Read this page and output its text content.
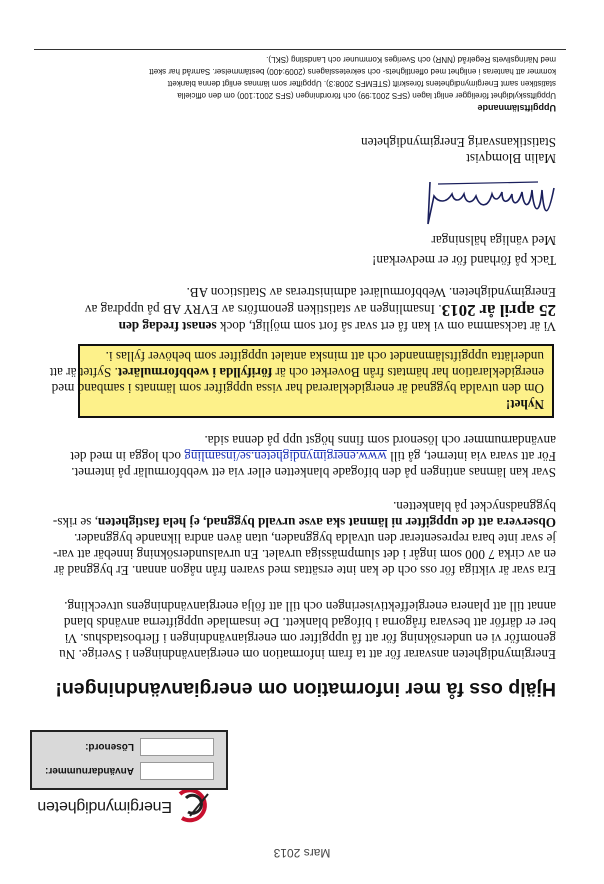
Mars 2013
Energimyndigheten
Användarnummer:
Lösenord:
Hjälp oss få mer information om energianvändningen!
Energimyndigheten ansvarar för att ta fram information om energianvändningen i Sverige. Nu
genomför vi en undersökning för att få uppgifter om energianvändningen i flerbostadshus. Vi
ber er därför att besvara frågorna i bifogad blankett. De insamlade uppgifterna används bland
annat till att planera energieffektiviseringen och till att följa energianvändningens utveckling.
Era svar är viktiga för oss och de kan inte ersättas med svaren från någon annan. Er byggnad är
en av cirka 7 000 som ingår i det slumpmässiga urvalet. En urvalsundersökning innebär att var-
je svar inte bara representerar den utvalda byggnaden, utan även andra liknande byggnader.
Observera att de uppgifter ni lämnat ska avse urvald byggnad, ej hela fastigheten, se riks-
byggnadsnycket på blanketten.
Svar kan lämnas antingen på den bifogade blanketten eller via ett webbformulär på internet.
För att svara via internet, gå till www.energimyndigheten.se/insamling och logga in med det
användarnummer och lösenord som finns högst upp på denna sida.
Nyhet!
Om den utvalda byggnad är energideklarerad har vissa uppgifter som lämnats i samband med
energideklaration har hämtats från Boverket och är förifyllda i webbformuläret. Syftet är att
underlätta uppgiftslämnandet och att minska antalet uppgifter som behöver fyllas i.
Vi är tacksamma om vi kan få ert svar så fort som möjligt, dock senast fredag den
25 april år 2013. Insamlingen av statistiken genomförs av EVRY AB på uppdrag av
Energimyndigheten. Webbformuläret administreras av Statisticon AB.
Tack på förhand för er medverkan!
Med vänliga hälsningar
Malin Blomqvist
Statistikansvarig Energimyndigheten
Uppgiftslämnande
Uppgiftsskyldighet föreligger enligt lagen (SFS 2001:99) och förordningen (SFS 2001:100) om den officiella
statistiken samt Energimyndighetens föreskrift (STEMFS 2008:3). Uppgifter som lämnas enligt denna blankett
kommer att hanteras i enlighet med offentlighets- och sekretesslagens (2009:400) bestämmelser. Samråd har skett
med Näringslivets Regelråd (NNR) och Sveriges Kommuner och Landsting (SKL).
